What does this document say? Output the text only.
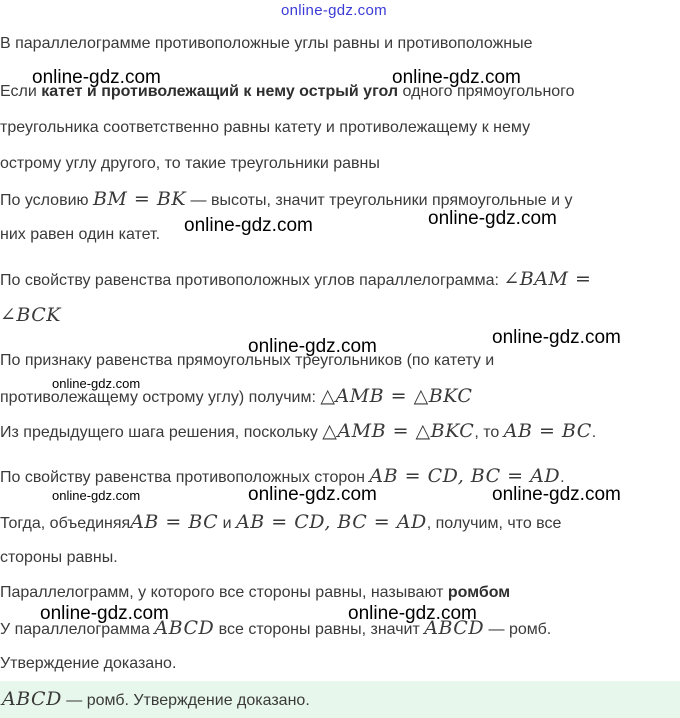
online-gdz.com
В параллелограмме противоположные углы равны и противоположные
Если катет и противолежащий к нему острый угол одного прямоугольного
треугольника соответственно равны катету и противолежащему к нему
острому углу другого, то такие треугольники равны
По условию BM = BK — высоты, значит треугольники прямоугольные и у
них равен один катет.
По свойству равенства противоположных углов параллелограмма: ∠BAM =
∠BCK
По признаку равенства прямоугольных треугольников (по катету и
противолежащему острому углу) получим: △AMB = △BKC
Из предыдущего шага решения, поскольку △AMB = △BKC, то AB = BC.
По свойству равенства противоположных сторон AB = CD, BC = AD.
Тогда, объединяяAB = BC и AB = CD, BC = AD, получим, что все
стороны равны.
Параллелограмм, у которого все стороны равны, называют ромбом
У параллелограмма ABCD все стороны равны, значит ABCD — ромб.
Утверждение доказано.
ABCD — ромб. Утверждение доказано.
online-gdz.com	online-gdz.com
online-gdz.com
online-gdz.com
online-gdz.com	online-gdz.com
online-gdz.com
online-gdz.com	online-gdz.com	online-gdz.com
online-gdz.com	online-gdz.com
